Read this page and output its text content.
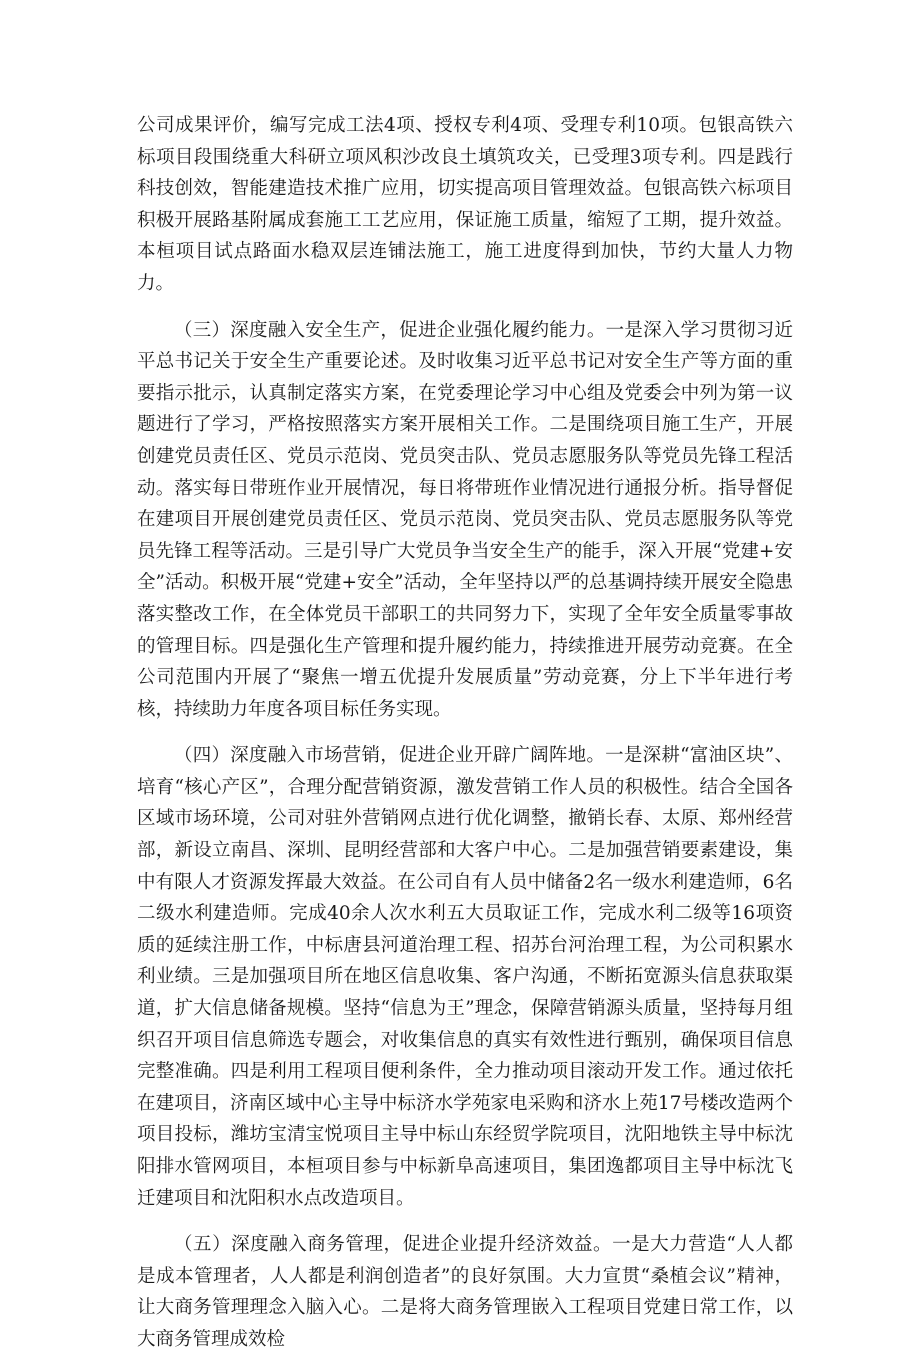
公司成果评价，编写完成工法4项、授权专利4项、受理专利10项。包银高铁六标项目段围绕重大科研立项风积沙改良土填筑攻关，已受理3项专利。四是践行科技创效，智能建造技术推广应用，切实提高项目管理效益。包银高铁六标项目积极开展路基附属成套施工工艺应用，保证施工质量，缩短了工期，提升效益。本桓项目试点路面水稳双层连铺法施工，施工进度得到加快，节约大量人力物力。

（三）深度融入安全生产，促进企业强化履约能力。一是深入学习贯彻习近平总书记关于安全生产重要论述。及时收集习近平总书记对安全生产等方面的重要指示批示，认真制定落实方案，在党委理论学习中心组及党委会中列为第一议题进行了学习，严格按照落实方案开展相关工作。二是围绕项目施工生产，开展创建党员责任区、党员示范岗、党员突击队、党员志愿服务队等党员先锋工程活动。落实每日带班作业开展情况，每日将带班作业情况进行通报分析。指导督促在建项目开展创建党员责任区、党员示范岗、党员突击队、党员志愿服务队等党员先锋工程等活动。三是引导广大党员争当安全生产的能手，深入开展“党建+安全”活动。积极开展“党建+安全”活动，全年坚持以严的总基调持续开展安全隐患落实整改工作，在全体党员干部职工的共同努力下，实现了全年安全质量零事故的管理目标。四是强化生产管理和提升履约能力，持续推进开展劳动竞赛。在全公司范围内开展了“聚焦一增五优提升发展质量”劳动竞赛，分上下半年进行考核，持续助力年度各项目标任务实现。

（四）深度融入市场营销，促进企业开辟广阔阵地。一是深耕“富油区块”、培育“核心产区”，合理分配营销资源，激发营销工作人员的积极性。结合全国各区域市场环境，公司对驻外营销网点进行优化调整，撤销长春、太原、郑州经营部，新设立南昌、深圳、昆明经营部和大客户中心。二是加强营销要素建设，集中有限人才资源发挥最大效益。在公司自有人员中储备2名一级水利建造师，6名二级水利建造师。完成40余人次水利五大员取证工作，完成水利二级等16项资质的延续注册工作，中标唐县河道治理工程、招苏台河治理工程，为公司积累水利业绩。三是加强项目所在地区信息收集、客户沟通，不断拓宽源头信息获取渠道，扩大信息储备规模。坚持“信息为王”理念，保障营销源头质量，坚持每月组织召开项目信息筛选专题会，对收集信息的真实有效性进行甄别，确保项目信息完整准确。四是利用工程项目便利条件，全力推动项目滚动开发工作。通过依托在建项目，济南区域中心主导中标济水学苑家电采购和济水上苑17号楼改造两个项目投标，潍坊宝清宝悦项目主导中标山东经贸学院项目，沈阳地铁主导中标沈阳排水管网项目，本桓项目参与中标新阜高速项目，集团逸都项目主导中标沈飞迁建项目和沈阳积水点改造项目。

（五）深度融入商务管理，促进企业提升经济效益。一是大力营造“人人都是成本管理者，人人都是利润创造者”的良好氛围。大力宣贯“桑植会议”精神，让大商务管理理念入脑入心。二是将大商务管理嵌入工程项目党建日常工作，以大商务管理成效检
